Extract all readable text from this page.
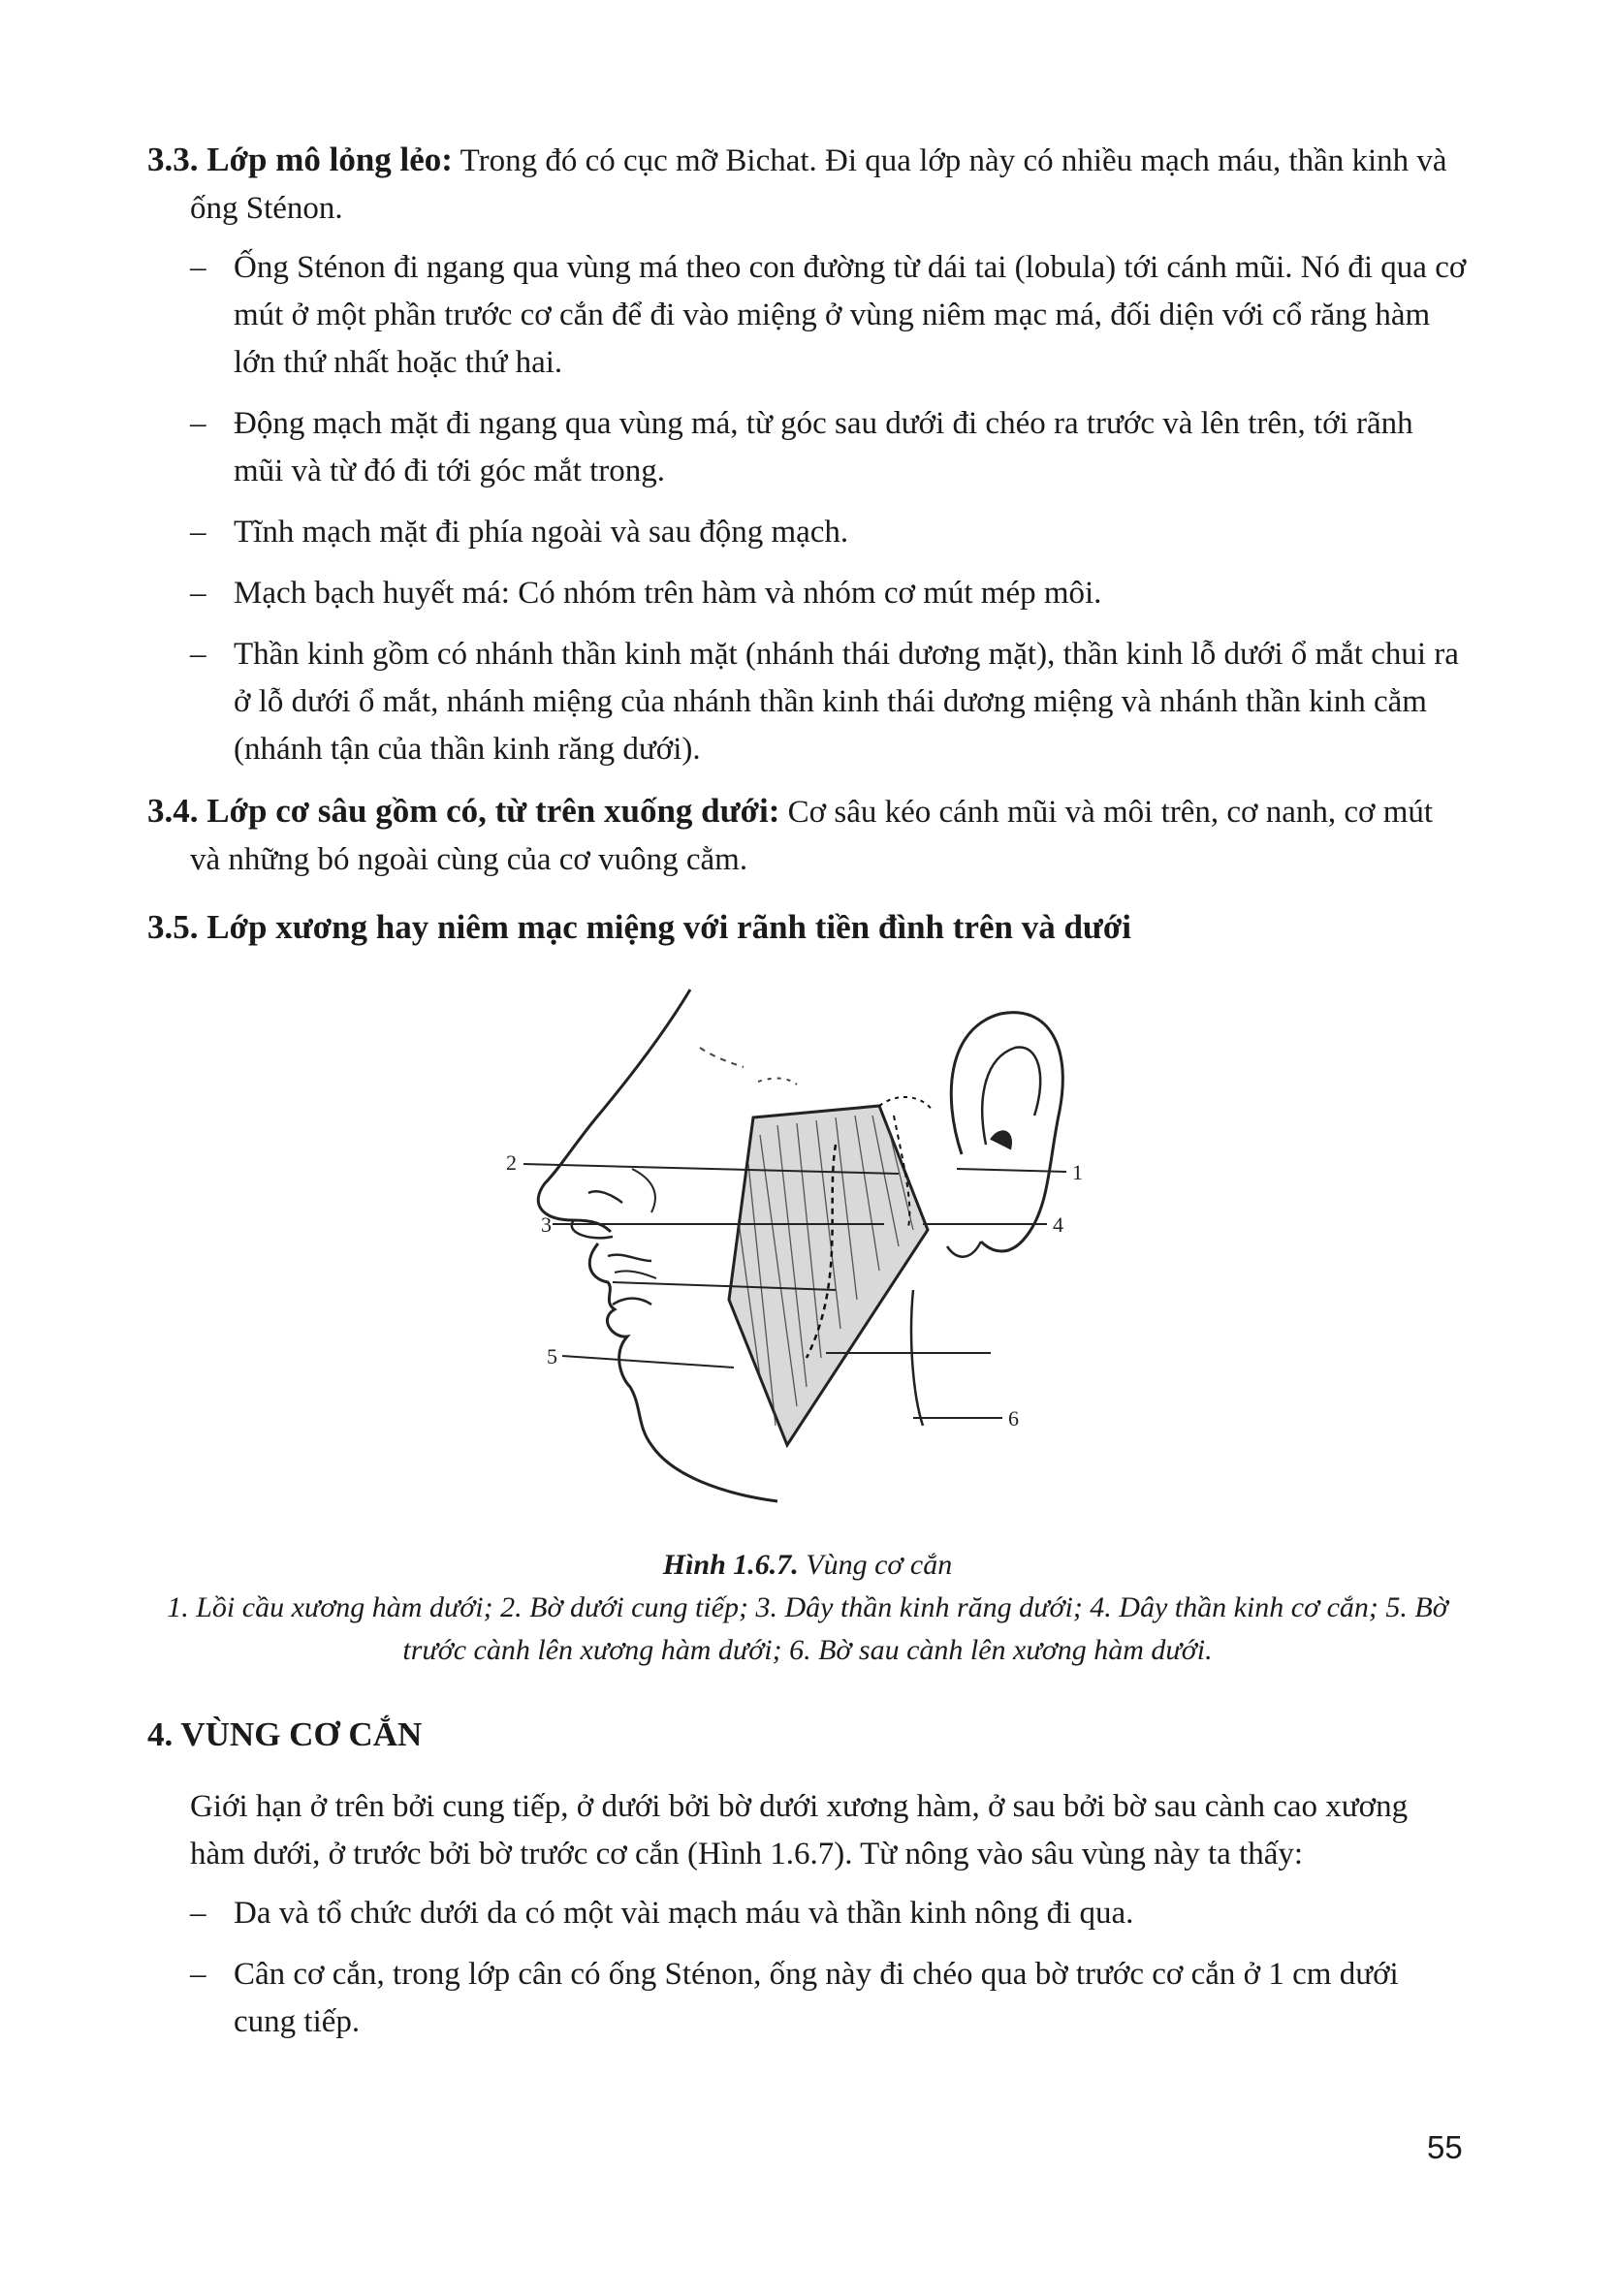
3.3. Lớp mô lỏng lẻo: Trong đó có cục mỡ Bichat. Đi qua lớp này có nhiều mạch máu, thần kinh và ống Sténon.

– Ống Sténon đi ngang qua vùng má theo con đường từ dái tai (lobula) tới cánh mũi. Nó đi qua cơ mút ở một phần trước cơ cắn để đi vào miệng ở vùng niêm mạc má, đối diện với cổ răng hàm lớn thứ nhất hoặc thứ hai.

– Động mạch mặt đi ngang qua vùng má, từ góc sau dưới đi chéo ra trước và lên trên, tới rãnh mũi và từ đó đi tới góc mắt trong.

– Tĩnh mạch mặt đi phía ngoài và sau động mạch.

– Mạch bạch huyết má: Có nhóm trên hàm và nhóm cơ mút mép môi.

– Thần kinh gồm có nhánh thần kinh mặt (nhánh thái dương mặt), thần kinh lỗ dưới ổ mắt chui ra ở lỗ dưới ổ mắt, nhánh miệng của nhánh thần kinh thái dương miệng và nhánh thần kinh cằm (nhánh tận của thần kinh răng dưới).

3.4. Lớp cơ sâu gồm có, từ trên xuống dưới: Cơ sâu kéo cánh mũi và môi trên, cơ nanh, cơ mút và những bó ngoài cùng của cơ vuông cằm.

3.5. Lớp xương hay niêm mạc miệng với rãnh tiền đình trên và dưới

1
2
3	4
5
6

Hình 1.6.7. Vùng cơ cắn

1. Lồi cầu xương hàm dưới; 2. Bờ dưới cung tiếp; 3. Dây thần kinh răng dưới; 4. Dây thần kinh cơ cắn; 5. Bờ trước cành lên xương hàm dưới; 6. Bờ sau cành lên xương hàm dưới.

4. VÙNG CƠ CẮN

Giới hạn ở trên bởi cung tiếp, ở dưới bởi bờ dưới xương hàm, ở sau bởi bờ sau cành cao xương hàm dưới, ở trước bởi bờ trước cơ cắn (Hình 1.6.7). Từ nông vào sâu vùng này ta thấy:

– Da và tổ chức dưới da có một vài mạch máu và thần kinh nông đi qua.

– Cân cơ cắn, trong lớp cân có ống Sténon, ống này đi chéo qua bờ trước cơ cắn ở 1 cm dưới cung tiếp.

55
